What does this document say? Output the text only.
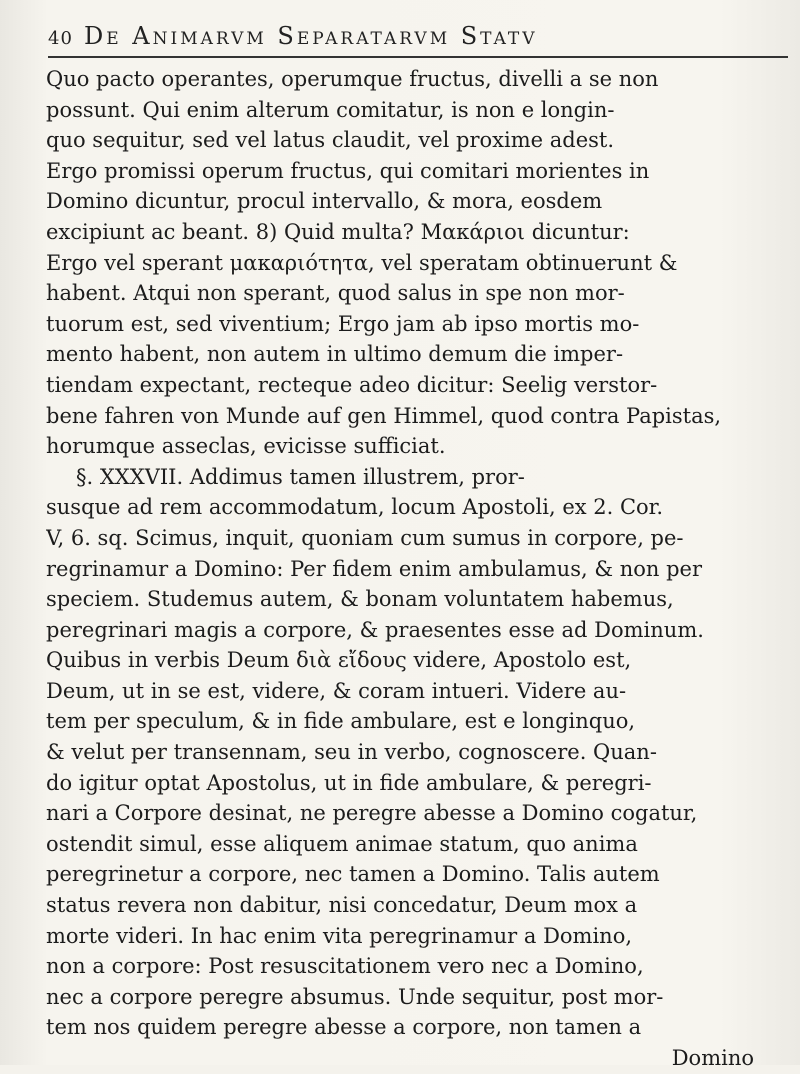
40 De Animarvm Separatarvm Statv
Quo pacto operantes, operumque fructus, divelli a se non
possunt. Qui enim alterum comitatur, is non e longin-
quo sequitur, sed vel latus claudit, vel proxime adest.
Ergo promissi operum fructus, qui comitari morientes in
Domino dicuntur, procul intervallo, & mora, eosdem
excipiunt ac beant. 8) Quid multa? Μακάριοι dicuntur:
Ergo vel sperant μακαριότητα, vel speratam obtinuerunt &
habent. Atqui non sperant, quod salus in spe non mor-
tuorum est, sed viventium; Ergo jam ab ipso mortis mo-
mento habent, non autem in ultimo demum die imper-
tiendam expectant, recteque adeo dicitur: Seelig verstor-
bene fahren von Munde auf gen Himmel, quod contra Papistas,
horumque asseclas, evicisse sufficiat.
§. XXXVII. Addimus tamen illustrem, pror-
susque ad rem accommodatum, locum Apostoli, ex 2. Cor.
V, 6. sq. Scimus, inquit, quoniam cum sumus in corpore, pe-
regrinamur a Domino: Per fidem enim ambulamus, & non per
speciem. Studemus autem, & bonam voluntatem habemus,
peregrinari magis a corpore, & praesentes esse ad Dominum.
Quibus in verbis Deum διὰ εἴδους videre, Apostolo est,
Deum, ut in se est, videre, & coram intueri. Videre au-
tem per speculum, & in fide ambulare, est e longinquo,
& velut per transennam, seu in verbo, cognoscere. Quan-
do igitur optat Apostolus, ut in fide ambulare, & peregri-
nari a Corpore desinat, ne peregre abesse a Domino cogatur,
ostendit simul, esse aliquem animae statum, quo anima
peregrinetur a corpore, nec tamen a Domino. Talis autem
status revera non dabitur, nisi concedatur, Deum mox a
morte videri. In hac enim vita peregrinamur a Domino,
non a corpore: Post resuscitationem vero nec a Domino,
nec a corpore peregre absumus. Unde sequitur, post mor-
tem nos quidem peregre abesse a corpore, non tamen a
Domino
